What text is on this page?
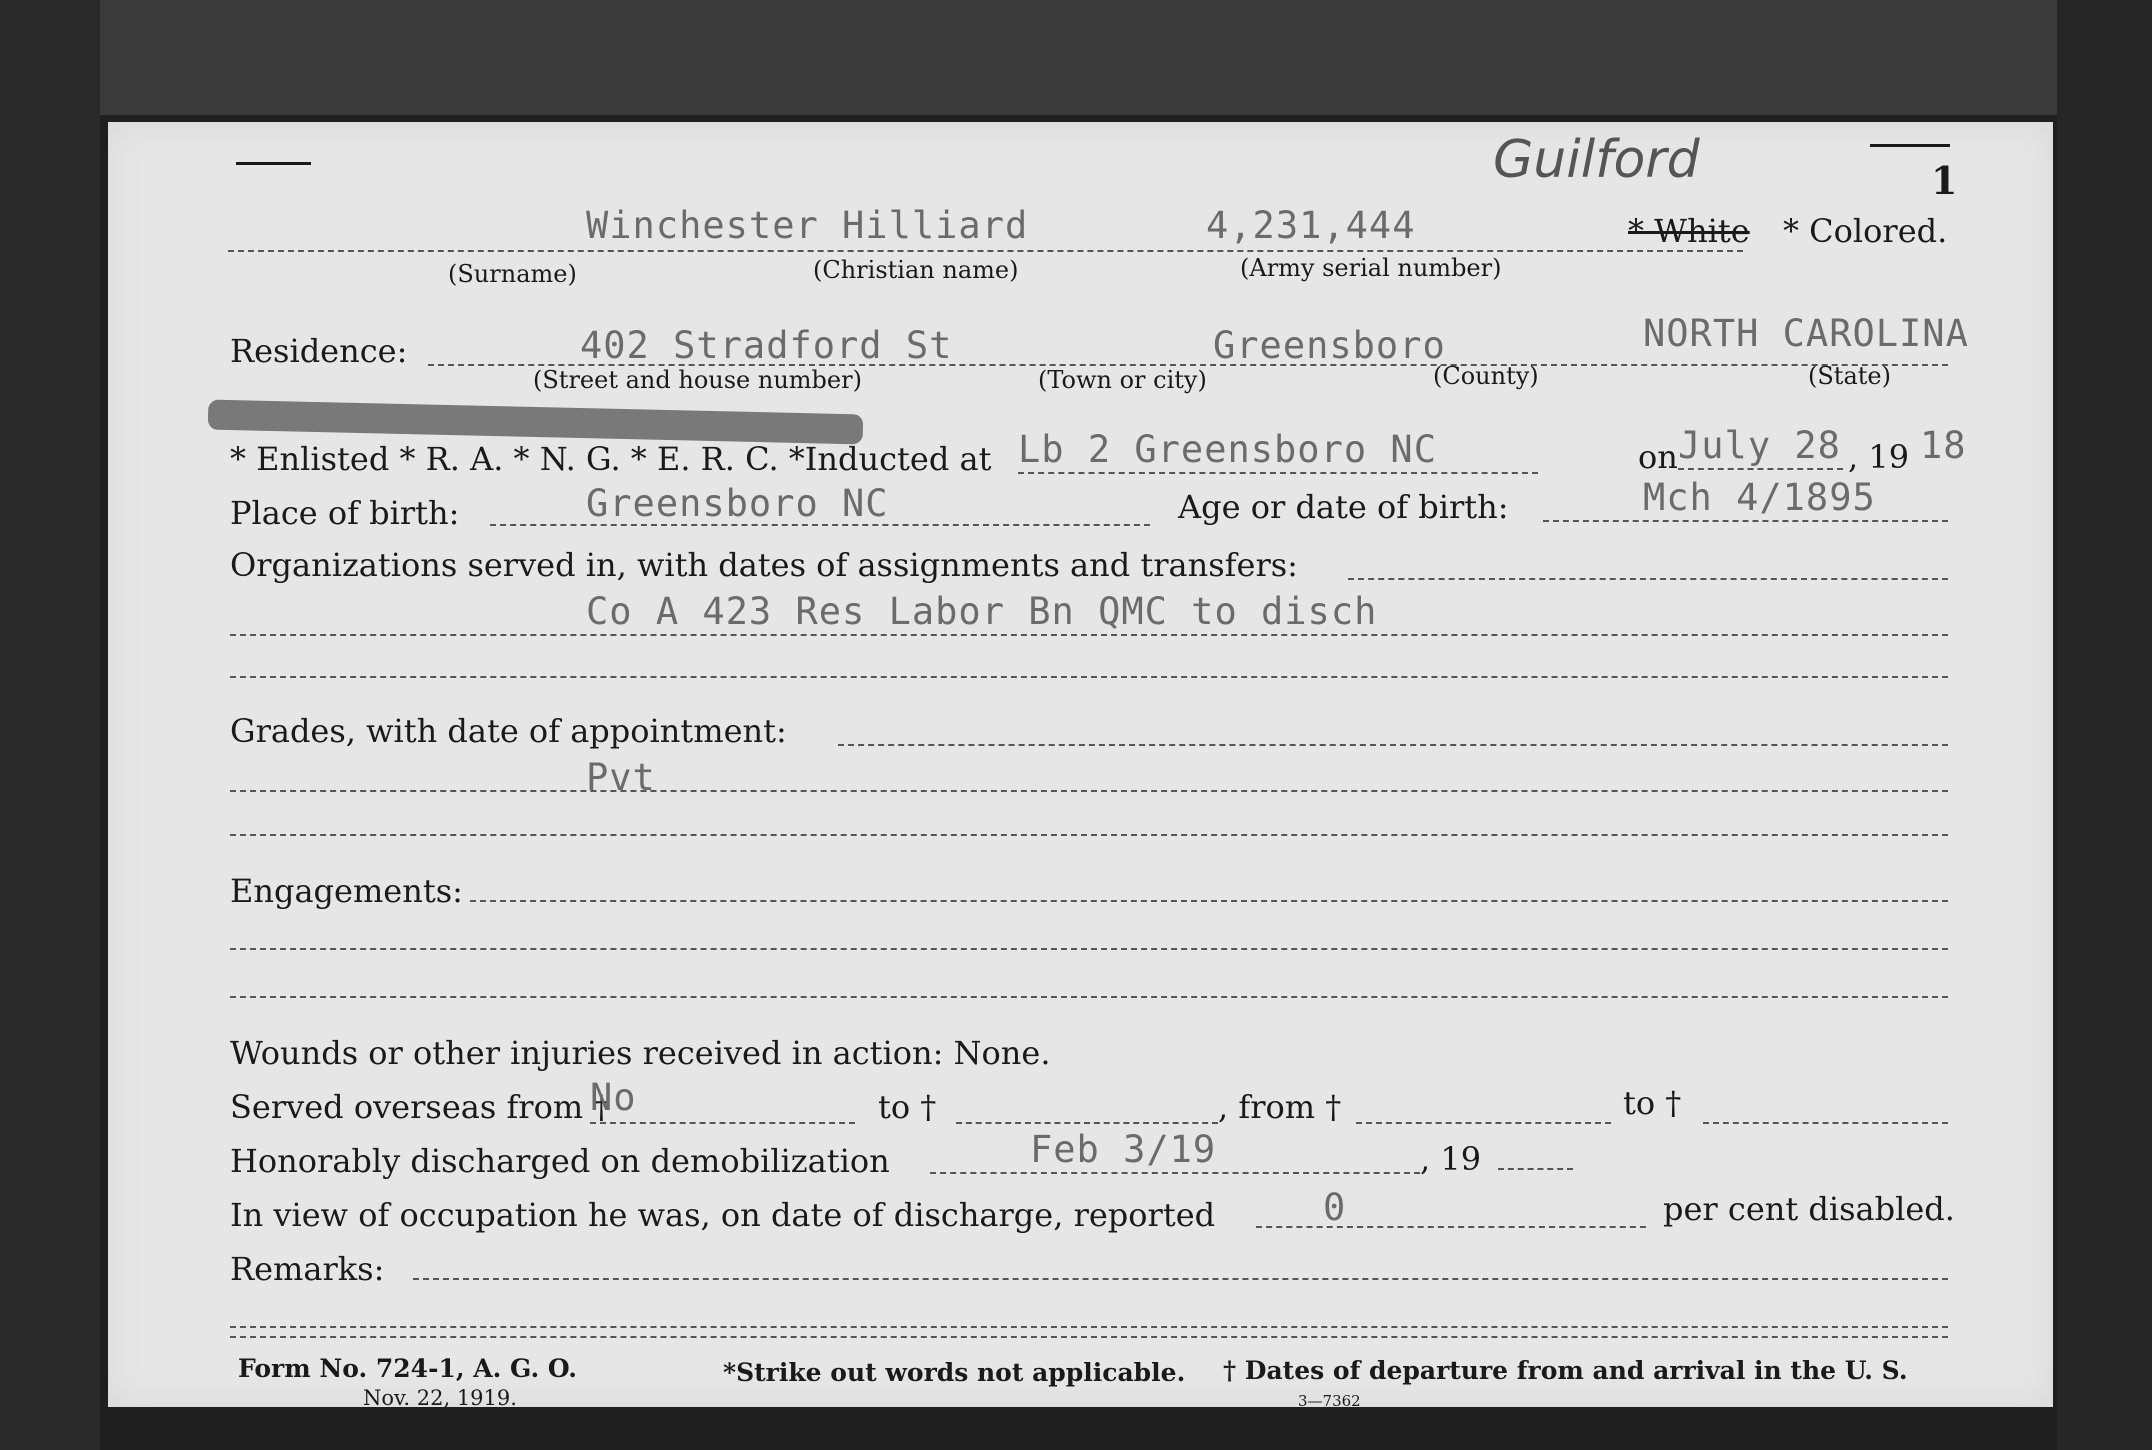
1
Guilford
Winchester Hilliard	4,231,444	* White * Colored.
(Surname)	(Christian name)	(Army serial number)
Residence:	402 Stradford St	Greensboro	NORTH CAROLINA
(Street and house number)	(Town or city)	(County)	(State)
* Enlisted * R. A. * N. G. * E. R. C. *Inducted at Lb 2 Greensboro NC	on July 28 , 19 18
Place of birth:	Greensboro NC	Age or date of birth:	Mch 4/1895
Organizations served in, with dates of assignments and transfers:
Co A 423 Res Labor Bn QMC to disch
Grades, with date of appointment:
Pvt
Engagements:
Wounds or other injuries received in action: None.
Served overseas from †
No	to †	, from †	to †
Honorably discharged on demobilization	Feb 3/19	, 19
In view of occupation he was, on date of discharge, reported	0	per cent disabled.
Remarks:
Form No. 724-1, A. G. O.
Nov. 22, 1919.
*Strike out words not applicable. † Dates of departure from and arrival in the U. S.
3—7362
